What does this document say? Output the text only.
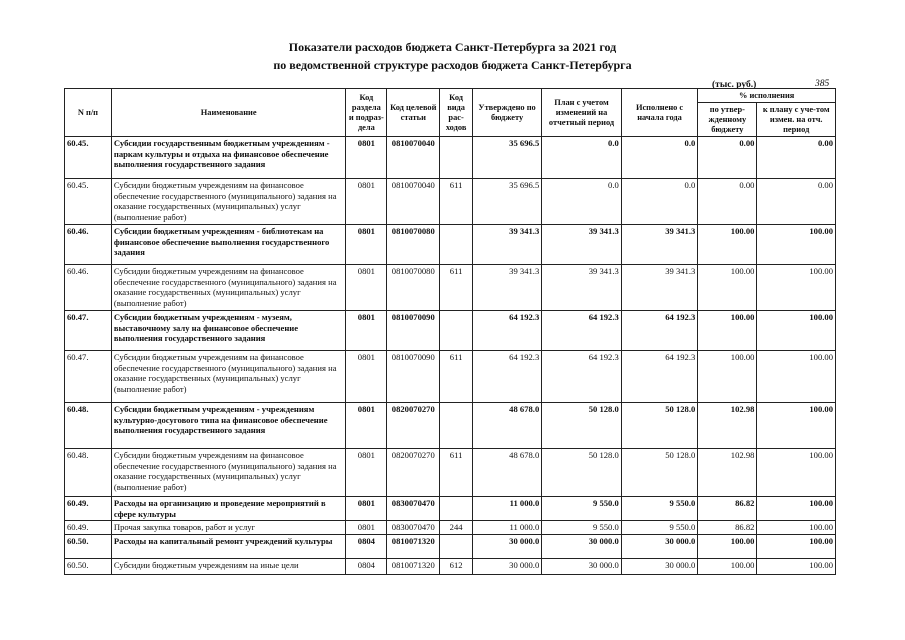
Показатели расходов бюджета Санкт-Петербурга за 2021 год
по ведомственной структуре расходов бюджета Санкт-Петербурга
(тыс. руб.)	385
N п/п	Наименование	Код раздела и подраз-дела	Код целевой статьи	Код вида рас-ходов	Утверждено по бюджету	План с учетом изменений на отчетный период	Исполнено с начала года	% исполнения	
								по утвер-жденному бюджету	к плану с уче-том измен. на отч. период
60.45.	Субсидии государственным бюджетным учреждениям - паркам культуры и отдыха на финансовое обеспечение выполнения государственного задания	0801	0810070040		35 696.5	0.0	0.0	0.00	0.00
60.45.	Субсидии бюджетным учреждениям на финансовое обеспечение государственного (муниципального) задания на оказание государственных (муниципальных) услуг (выполнение работ)	0801	0810070040	611	35 696.5	0.0	0.0	0.00	0.00
60.46.	Субсидии бюджетным учреждениям - библиотекам на финансовое обеспечение выполнения государственного задания	0801	0810070080		39 341.3	39 341.3	39 341.3	100.00	100.00
60.46.	Субсидии бюджетным учреждениям на финансовое обеспечение государственного (муниципального) задания на оказание государственных (муниципальных) услуг (выполнение работ)	0801	0810070080	611	39 341.3	39 341.3	39 341.3	100.00	100.00
60.47.	Субсидии бюджетным учреждениям - музеям, выставочному залу на финансовое обеспечение выполнения государственного задания	0801	0810070090		64 192.3	64 192.3	64 192.3	100.00	100.00
60.47.	Субсидии бюджетным учреждениям на финансовое обеспечение государственного (муниципального) задания на оказание государственных (муниципальных) услуг (выполнение работ)	0801	0810070090	611	64 192.3	64 192.3	64 192.3	100.00	100.00
60.48.	Субсидии бюджетным учреждениям - учреждениям культурно-досугового типа на финансовое обеспечение выполнения государственного задания	0801	0820070270		48 678.0	50 128.0	50 128.0	102.98	100.00
60.48.	Субсидии бюджетным учреждениям на финансовое обеспечение государственного (муниципального) задания на оказание государственных (муниципальных) услуг (выполнение работ)	0801	0820070270	611	48 678.0	50 128.0	50 128.0	102.98	100.00
60.49.	Расходы на организацию и проведение мероприятий в сфере культуры	0801	0830070470		11 000.0	9 550.0	9 550.0	86.82	100.00
60.49.	Прочая закупка товаров, работ и услуг	0801	0830070470	244	11 000.0	9 550.0	9 550.0	86.82	100.00
60.50.	Расходы на капитальный ремонт учреждений культуры	0804	0810071320		30 000.0	30 000.0	30 000.0	100.00	100.00
60.50.	Субсидии бюджетным учреждениям на иные цели	0804	0810071320	612	30 000.0	30 000.0	30 000.0	100.00	100.00
